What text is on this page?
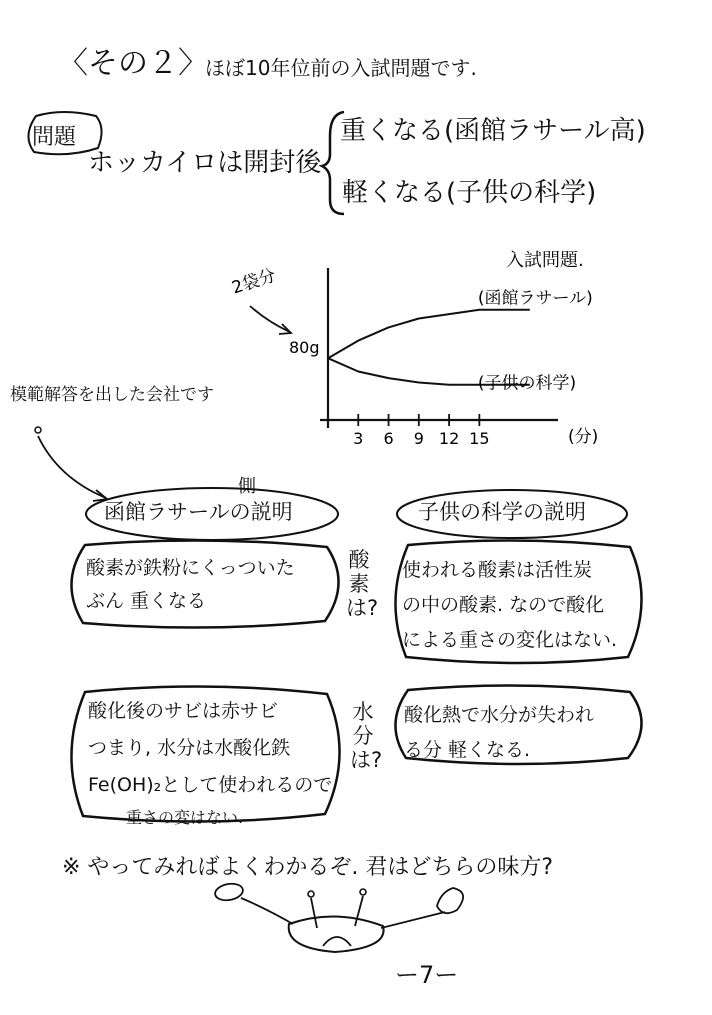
〈その２〉
ほぼ10年位前の入試問題です.
問題
ホッカイロは開封後
重くなる(函館ラサール高)
軽くなる(子供の科学)
2袋分
80g
入試問題.
(分)
3 6 9 12 15
(函館ラサール)
(子供の科学)
模範解答を出した会社です
側
函館ラサールの説明	子供の科学の説明
酸素が鉄粉にくっついた
ぶん 重くなる
使われる酸素は活性炭
の中の酸素. なので酸化
による重さの変化はない.
酸素は?
水分は?
酸化後のサビは赤サビ
つまり, 水分は水酸化鉄
Fe(OH)₂として使われるので
重さの変はない.
酸化熱で水分が失われ
る分 軽くなる.
※ やってみればよくわかるぞ. 君はどちらの味方?
ー7ー
